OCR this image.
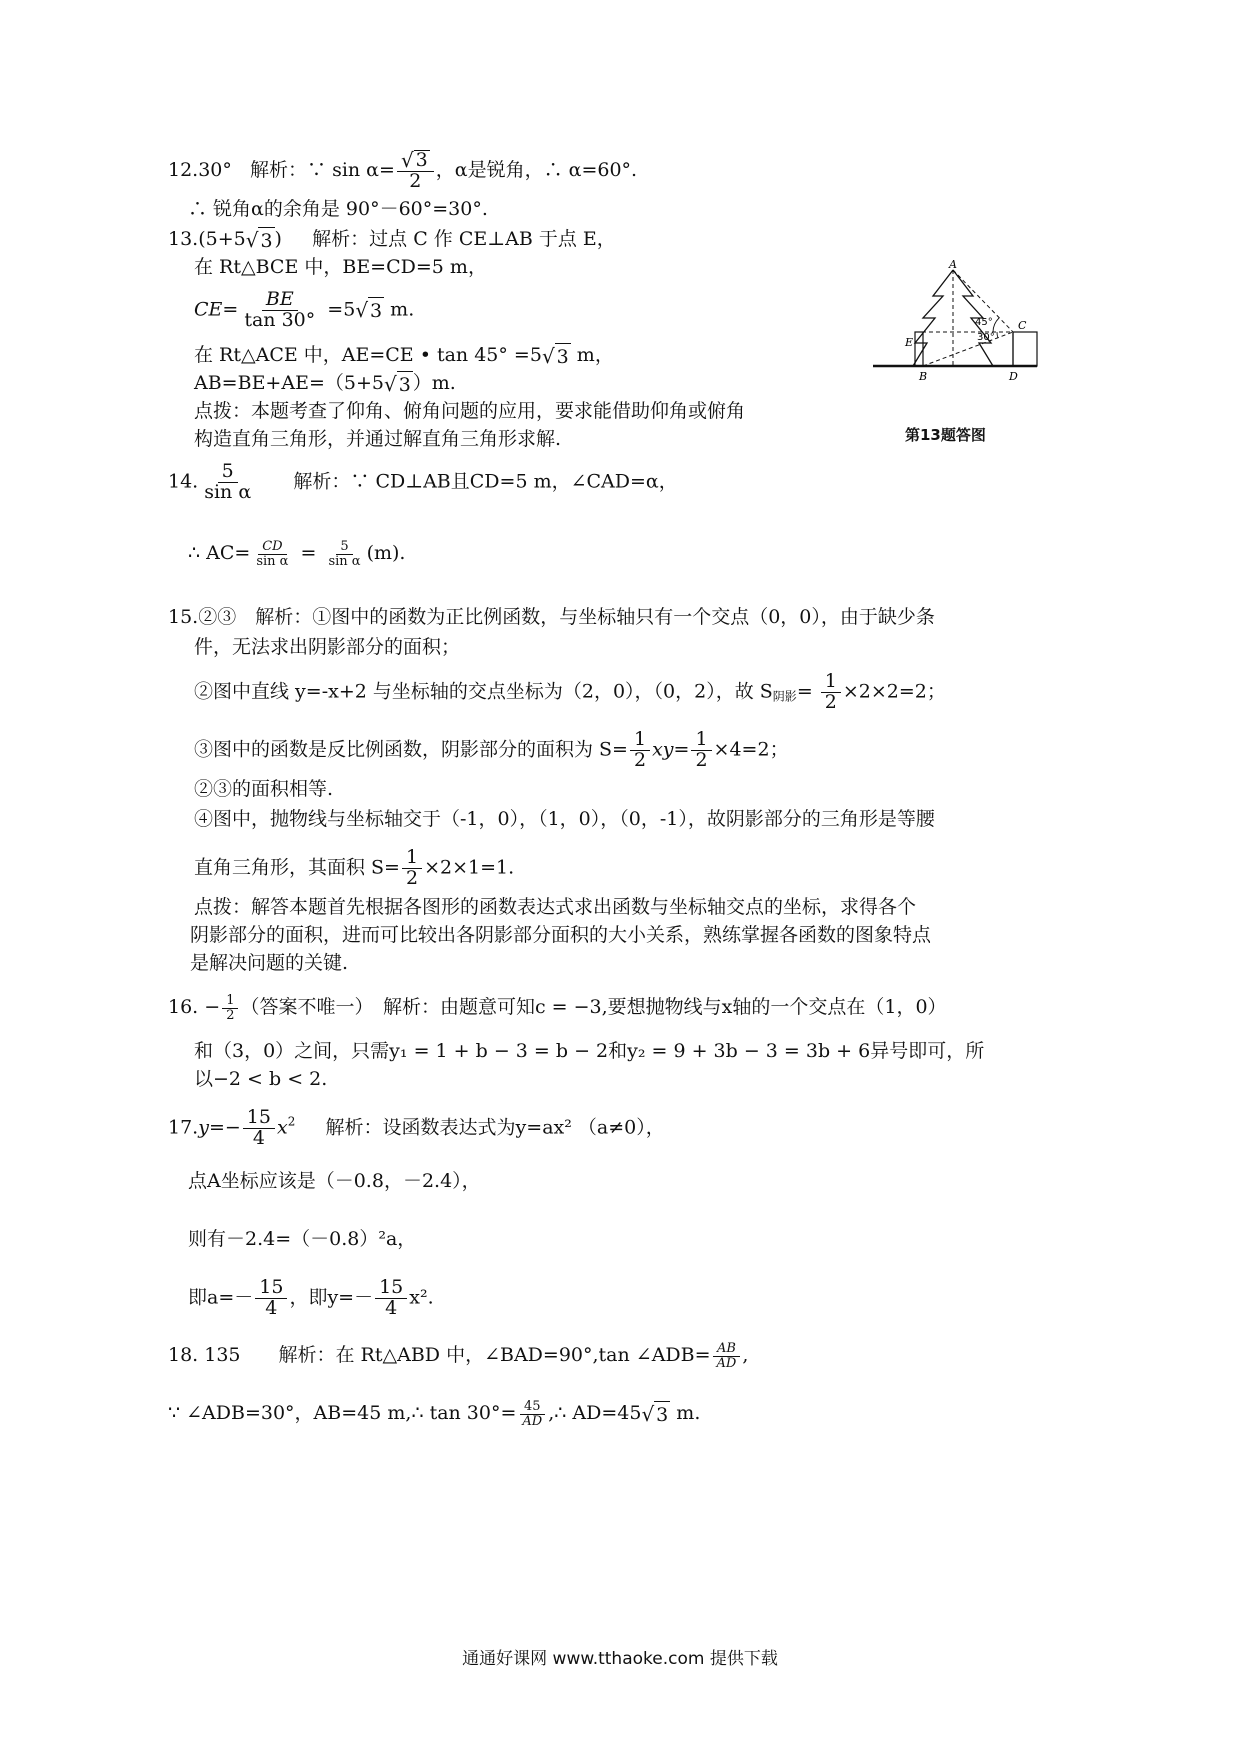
12.30° 解析：∵ $\sin \alpha= \frac{√ 3}{2}$ ，α是锐角，∴ α=60°.
∴ 锐角α的余角是 90°－60°=30°.
13.(5+5 √ 3 ) 解析：过点 C 作 CE⊥AB 于点 E，
在 Rt△BCE 中，BE=CD=5 m，
$CE= \frac{BE}{\tan 30^\circ} =5$ √ 3 m.
在 Rt△ACE 中，AE=CE • tan 45° =5 √ 3 m，
AB=BE+AE=（5+5 √ 3 ）m.
点拨：本题考查了仰角、俯角问题的应用，要求能借助仰角或俯角
构造直角三角形，并通过解直角三角形求解.
A
E
B	D
C
45°
30°
第13题答图
14. $\frac{5}{\text{sin α}}$ 解析：∵ CD⊥AB且CD=5 m，∠CAD=α，
∴ $AC= \frac{CD}{\text{sin α}} = \frac{5}{\text{sin α}} (m)$.
15.②③　解析：①图中的函数为正比例函数，与坐标轴只有一个交点（0，0），由于缺少条
件，无法求出阴影部分的面积；
②图中直线 y=-x+2 与坐标轴的交点坐标为（2，0），（0，2），故 $S_{阴影}= \frac{1}{2} \times 2\times 2=2$；
③图中的函数是反比例函数，阴影部分的面积为 $S= \frac{1}{2} xy= \frac{1}{2} \times 4=2$；
②③的面积相等.
④图中，抛物线与坐标轴交于（-1，0），（1，0），（0，-1），故阴影部分的三角形是等腰
直角三角形，其面积 $S= \frac{1}{2} \times 2\times 1=1$.
点拨：解答本题首先根据各图形的函数表达式求出函数与坐标轴交点的坐标，求得各个
阴影部分的面积，进而可比较出各阴影部分面积的大小关系，熟练掌握各函数的图象特点
是解决问题的关键.
16. − $\frac{1}{2}$ （答案不唯一）　解析：由题意可知c = −3,要想抛物线与x轴的一个交点在（1，0）
和（3，0）之间，只需y₁ = 1 + b − 3 = b − 2和y₂ = 9 + 3b − 3 = 3b + 6异号即可，所
以−2 < b < 2.
$17.y=- \frac{15}{4} x^2$ 解析：设函数表达式为y=ax² （a≠0），
点A坐标应该是（－0.8，－2.4），
则有－2.4=（－0.8）²a，
即$a=- \frac{15}{4}$ ，即$y=- \frac{15}{4} x^2$.
18. 135　　解析：在 Rt△ABD 中，∠BAD=90°,tan ∠ADB= $\frac{AB}{AD}$ ,
∵ ∠ADB=30°，AB=45 m,∴ $\tan 30^\circ= \frac{45}{AD}$ ,∴ AD=45 √ 3 m.
通通好课网 www.tthaoke.com 提供下载
